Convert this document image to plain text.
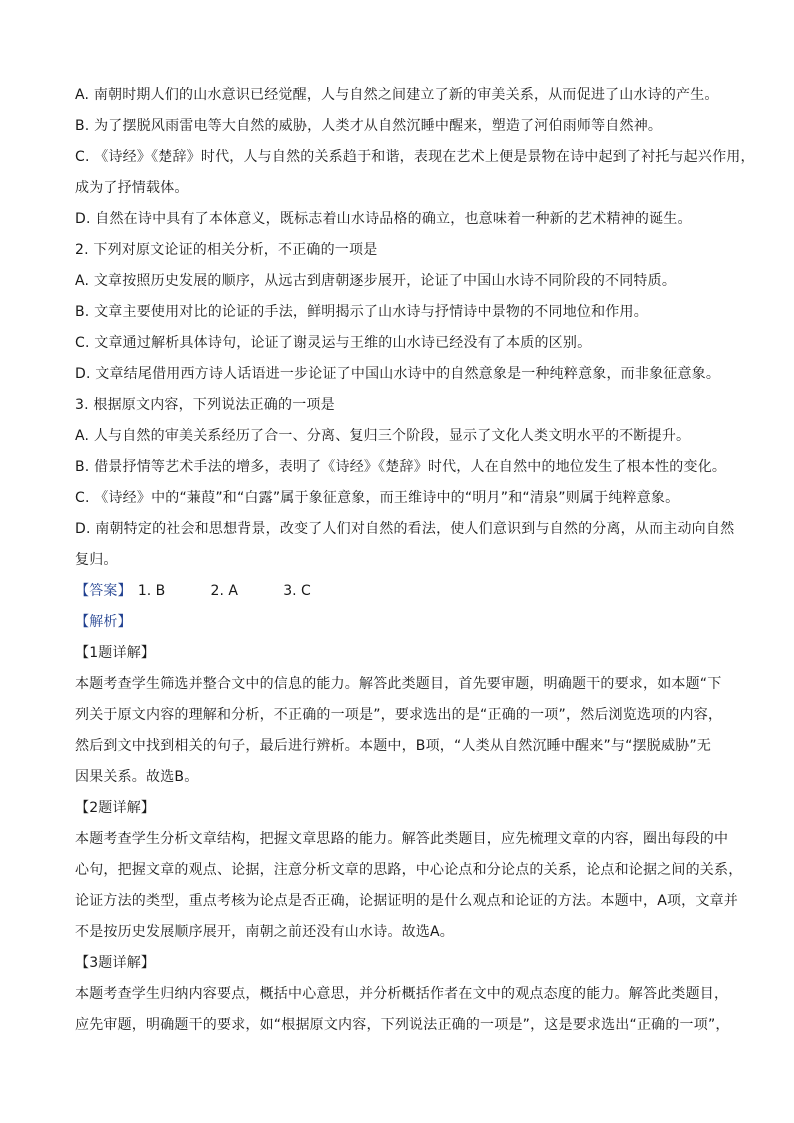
A. 南朝时期人们的山水意识已经觉醒，人与自然之间建立了新的审美关系，从而促进了山水诗的产生。
B. 为了摆脱风雨雷电等大自然的威胁，人类才从自然沉睡中醒来，塑造了河伯雨师等自然神。
C. 《诗经》《楚辞》时代，人与自然的关系趋于和谐，表现在艺术上便是景物在诗中起到了衬托与起兴作用，
成为了抒情载体。
D. 自然在诗中具有了本体意义，既标志着山水诗品格的确立，也意味着一种新的艺术精神的诞生。
2. 下列对原文论证的相关分析，不正确的一项是
A. 文章按照历史发展的顺序，从远古到唐朝逐步展开，论证了中国山水诗不同阶段的不同特质。
B. 文章主要使用对比的论证的手法，鲜明揭示了山水诗与抒情诗中景物的不同地位和作用。
C. 文章通过解析具体诗句，论证了谢灵运与王维的山水诗已经没有了本质的区别。
D. 文章结尾借用西方诗人话语进一步论证了中国山水诗中的自然意象是一种纯粹意象，而非象征意象。
3. 根据原文内容，下列说法正确的一项是
A. 人与自然的审美关系经历了合一、分离、复归三个阶段，显示了文化人类文明水平的不断提升。
B. 借景抒情等艺术手法的增多，表明了《诗经》《楚辞》时代，人在自然中的地位发生了根本性的变化。
C. 《诗经》中的“蒹葭”和“白露”属于象征意象，而王维诗中的“明月”和“清泉”则属于纯粹意象。
D. 南朝特定的社会和思想背景，改变了人们对自然的看法，使人们意识到与自然的分离，从而主动向自然
复归。
【答案】 1. B	2. A	3. C
【解析】
【1题详解】
本题考查学生筛选并整合文中的信息的能力。解答此类题目，首先要审题，明确题干的要求，如本题“下
列关于原文内容的理解和分析，不正确的一项是”，要求选出的是“正确的一项”，然后浏览选项的内容，
然后到文中找到相关的句子，最后进行辨析。本题中，B项，“人类从自然沉睡中醒来”与“摆脱威胁”无
因果关系。故选B。
【2题详解】
本题考查学生分析文章结构，把握文章思路的能力。解答此类题目，应先梳理文章的内容，圈出每段的中
心句，把握文章的观点、论据，注意分析文章的思路，中心论点和分论点的关系，论点和论据之间的关系，
论证方法的类型，重点考核为论点是否正确，论据证明的是什么观点和论证的方法。本题中，A项，文章并
不是按历史发展顺序展开，南朝之前还没有山水诗。故选A。
【3题详解】
本题考查学生归纳内容要点，概括中心意思，并分析概括作者在文中的观点态度的能力。解答此类题目，
应先审题，明确题干的要求，如“根据原文内容，下列说法正确的一项是”，这是要求选出“正确的一项”，
